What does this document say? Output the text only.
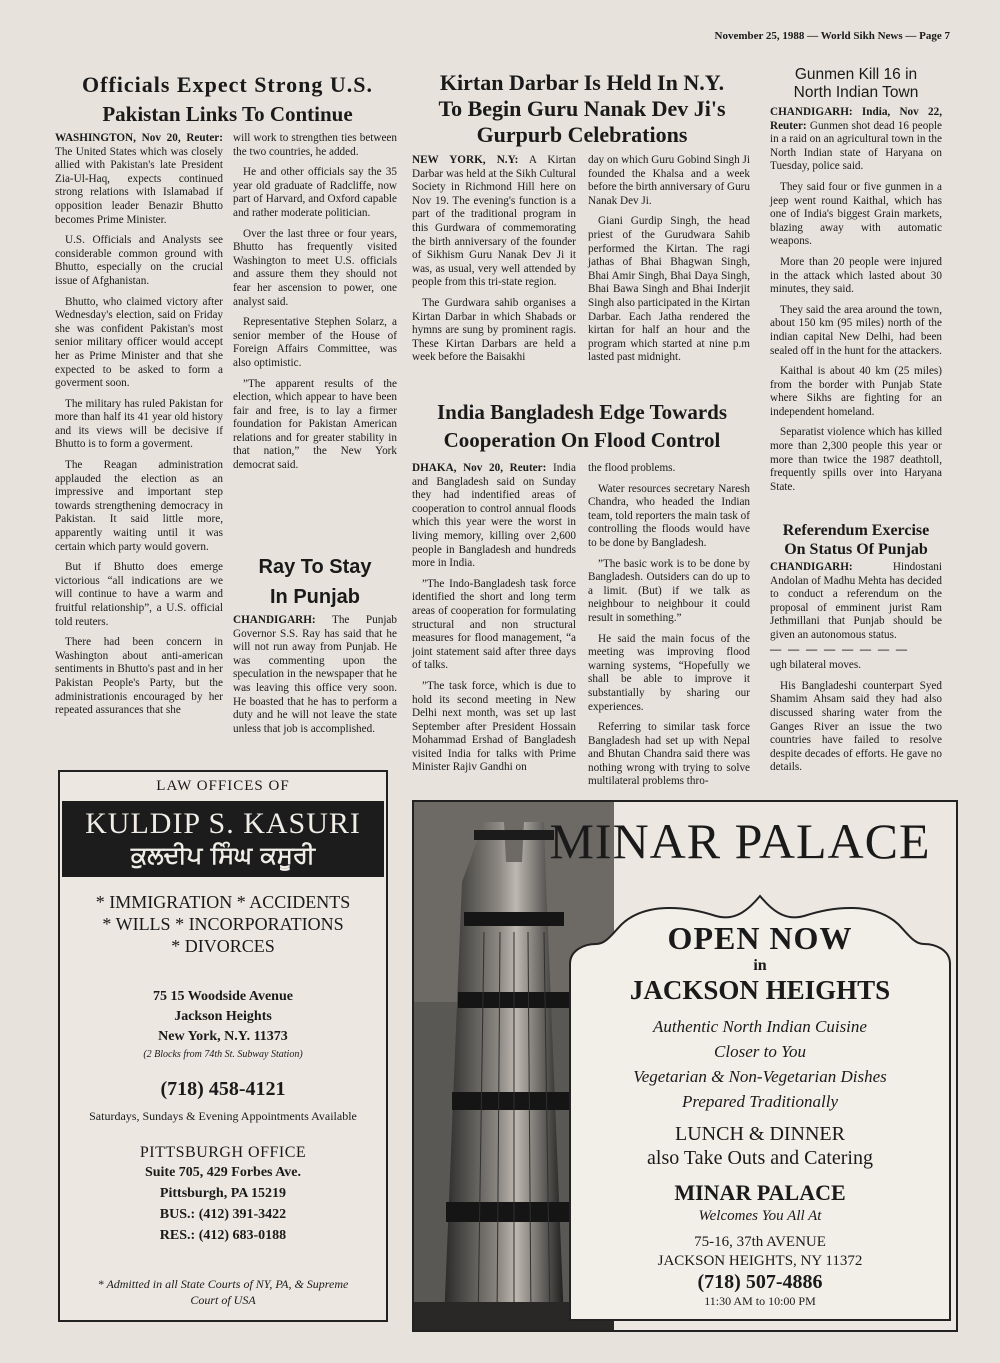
November 25, 1988 — World Sikh News — Page 7
Officials Expect Strong U.S.
Pakistan Links To Continue

WASHINGTON, Nov 20, Reuter: The United States which was closely allied with Pakistan's late President Zia-Ul-Haq, expects continued strong relations with Islamabad if opposition leader Benazir Bhutto becomes Prime Minister.

U.S. Officials and Analysts see considerable common ground with Bhutto, especially on the crucial issue of Afghanistan.

Bhutto, who claimed victory after Wednesday's election, said on Friday she was confident Pakistan's most senior military officer would accept her as Prime Minister and that she expected to be asked to form a goverment soon.

The military has ruled Pakistan for more than half its 41 year old history and its views will be decisive if Bhutto is to form a goverment.

The Reagan administration applauded the election as an impressive and important step towards strengthening democracy in Pakistan. It said little more, apparently waiting until it was certain which party would govern.

But if Bhutto does emerge victorious “all indications are we will continue to have a warm and fruitful relationship”, a U.S. official told reuters.

There had been concern in Washington about anti-american sentiments in Bhutto's past and in her Pakistan People's Party, but the administrationis encouraged by her repeated assurances that she

will work to strengthen ties between the two countries, he added.

He and other officials say the 35 year old graduate of Radcliffe, now part of Harvard, and Oxford capable and rather moderate politician.

Over the last three or four years, Bhutto has frequently visited Washington to meet U.S. officials and assure them they should not fear her ascension to power, one analyst said.

Representative Stephen Solarz, a senior member of the House of Foreign Affairs Committee, was also optimistic.

”The apparent results of the election, which appear to have been fair and free, is to lay a firmer foundation for Pakistan American relations and for greater stability in that nation,” the New York democrat said.

Ray To Stay
In Punjab

CHANDIGARH: The Punjab Governor S.S. Ray has said that he will not run away from Punjab. He was commenting upon the speculation in the newspaper that he was leaving this office very soon. He boasted that he has to perform a duty and he will not leave the state unless that job is accomplished.

Kirtan Darbar Is Held In N.Y.
To Begin Guru Nanak Dev Ji's
Gurpurb Celebrations

NEW YORK, N.Y: A Kirtan Darbar was held at the Sikh Cultural Society in Richmond Hill here on Nov 19. The evening's function is a part of the traditional program in this Gurdwara of commemorating the birth anniversary of the founder of Sikhism Guru Nanak Dev Ji it was, as usual, very well attended by people from this tri-state region.

The Gurdwara sahib organises a Kirtan Darbar in which Shabads or hymns are sung by prominent ragis. These Kirtan Darbars are held a week before the Baisakhi

day on which Guru Gobind Singh Ji founded the Khalsa and a week before the birth anniversary of Guru Nanak Dev Ji.

Giani Gurdip Singh, the head priest of the Gurudwara Sahib performed the Kirtan. The ragi jathas of Bhai Bhagwan Singh, Bhai Amir Singh, Bhai Daya Singh, Bhai Bawa Singh and Bhai Inderjit Singh also participated in the Kirtan Darbar. Each Jatha rendered the kirtan for half an hour and the program which started at nine p.m lasted past midnight.

India Bangladesh Edge Towards
Cooperation On Flood Control

DHAKA, Nov 20, Reuter: India and Bangladesh said on Sunday they had indentified areas of cooperation to control annual floods which this year were the worst in living memory, killing over 2,600 people in Bangladesh and hundreds more in India.

”The Indo-Bangladesh task force identified the short and long term areas of cooperation for formulating structural and non structural measures for flood management, “a joint statement said after three days of talks.

”The task force, which is due to hold its second meeting in New Delhi next month, was set up last September after President Hossain Mohammad Ershad of Bangladesh visited India for talks with Prime Minister Rajiv Gandhi on

the flood problems.

Water resources secretary Naresh Chandra, who headed the Indian team, told reporters the main task of controlling the floods would have to be done by Bangladesh.

”The basic work is to be done by Bangladesh. Outsiders can do up to a limit. (But) if we talk as neighbour to neighbour it could result in something.”

He said the main focus of the meeting was improving flood warning systems, “Hopefully we shall be able to improve it substantially by sharing our experiences.

Referring to similar task force Bangladesh had set up with Nepal and Bhutan Chandra said there was nothing wrong with trying to solve multilateral problems thro-

Gunmen Kill 16 in
North Indian Town

CHANDIGARH: India, Nov 22, Reuter: Gunmen shot dead 16 people in a raid on an agricultural town in the North Indian state of Haryana on Tuesday, police said.

They said four or five gunmen in a jeep went round Kaithal, which has one of India's biggest Grain markets, blazing away with automatic weapons.

More than 20 people were injured in the attack which lasted about 30 minutes, they said.

They said the area around the town, about 150 km (95 miles) north of the indian capital New Delhi, had been sealed off in the hunt for the attackers.

Kaithal is about 40 km (25 miles) from the border with Punjab State where Sikhs are fighting for an independent homeland.

Separatist violence which has killed more than 2,300 people this year or more than twice the 1987 deathtoll, frequently spills over into Haryana State.

Referendum Exercise
On Status Of Punjab

CHANDIGARH: Hindostani Andolan of Madhu Mehta has decided to conduct a referendum on the proposal of emminent jurist Ram Jethmillani that Punjab should be given an autonomous status.

— — — — — — — —

ugh bilateral moves.

His Bangladeshi counterpart Syed Shamim Ahsam said they had also discussed sharing water from the Ganges River an issue the two countries have failed to resolve despite decades of efforts. He gave no details.

LAW OFFICES OF
KULDIP S. KASURI
ਕੁਲਦੀਪ ਸਿੰਘ ਕਸੂਰੀ
* IMMIGRATION * ACCIDENTS
* WILLS * INCORPORATIONS
* DIVORCES
75 15 Woodside Avenue
Jackson Heights
New York, N.Y. 11373
(2 Blocks from 74th St. Subway Station)
(718) 458-4121
Saturdays, Sundays & Evening Appointments Available
PITTSBURGH OFFICE
Suite 705, 429 Forbes Ave.
Pittsburgh, PA 15219
BUS.: (412) 391-3422
RES.: (412) 683-0188
* Admitted in all State Courts of NY, PA, & Supreme
Court of USA
MINAR PALACE
OPEN NOW
in
JACKSON HEIGHTS
Authentic North Indian Cuisine
Closer to You
Vegetarian & Non-Vegetarian Dishes
Prepared Traditionally
LUNCH & DINNER
also Take Outs and Catering
MINAR PALACE
Welcomes You All At
75-16, 37th AVENUE
JACKSON HEIGHTS, NY 11372
(718) 507-4886
11:30 AM to 10:00 PM
